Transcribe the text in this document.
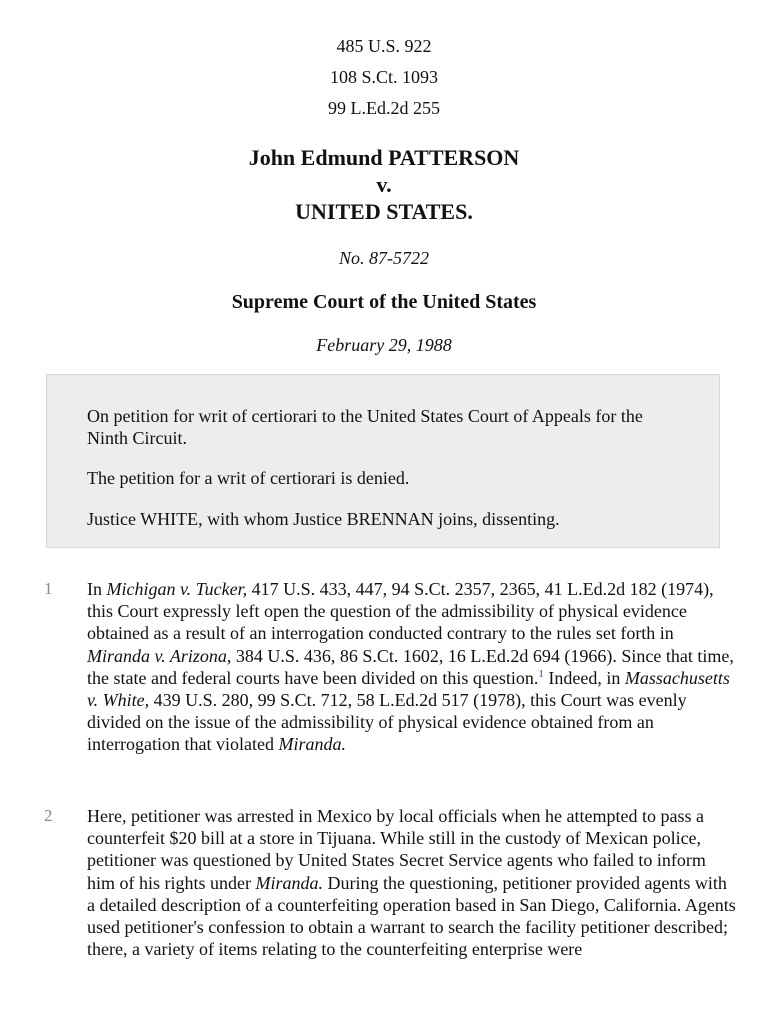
485 U.S. 922
108 S.Ct. 1093
99 L.Ed.2d 255
John Edmund PATTERSON
v.
UNITED STATES.
No. 87-5722
Supreme Court of the United States
February 29, 1988

On petition for writ of certiorari to the United States Court of Appeals for the Ninth Circuit.

The petition for a writ of certiorari is denied.

Justice WHITE, with whom Justice BRENNAN joins, dissenting.

1	In Michigan v. Tucker, 417 U.S. 433, 447, 94 S.Ct. 2357, 2365, 41 L.Ed.2d 182 (1974), this Court expressly left open the question of the admissibility of physical evidence obtained as a result of an interrogation conducted contrary to the rules set forth in Miranda v. Arizona, 384 U.S. 436, 86 S.Ct. 1602, 16 L.Ed.2d 694 (1966). Since that time, the state and federal courts have been divided on this question.$^1$ Indeed, in Massachusetts v. White, 439 U.S. 280, 99 S.Ct. 712, 58 L.Ed.2d 517 (1978), this Court was evenly divided on the issue of the admissibility of physical evidence obtained from an interrogation that violated Miranda.

2	Here, petitioner was arrested in Mexico by local officials when he attempted to pass a counterfeit $20 bill at a store in Tijuana. While still in the custody of Mexican police, petitioner was questioned by United States Secret Service agents who failed to inform him of his rights under Miranda. During the questioning, petitioner provided agents with a detailed description of a counterfeiting operation based in San Diego, California. Agents used petitioner's confession to obtain a warrant to search the facility petitioner described; there, a variety of items relating to the counterfeiting enterprise were
